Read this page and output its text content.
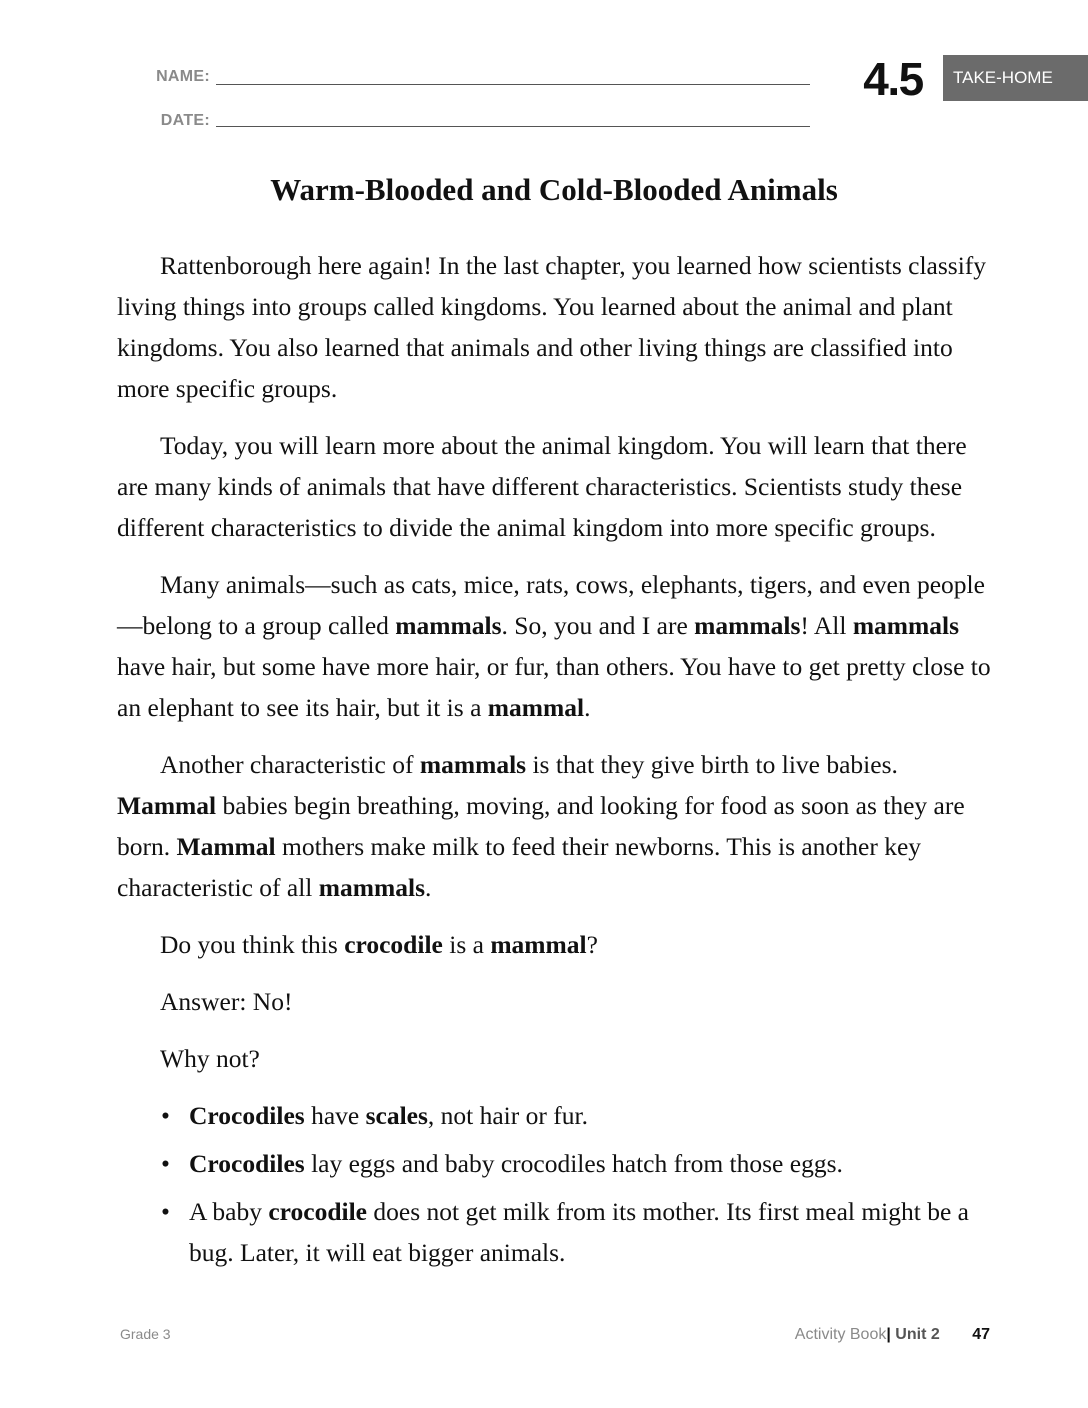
NAME:
DATE:
4.5	TAKE-HOME
Warm-Blooded and Cold-Blooded Animals

Rattenborough here again! In the last chapter, you learned how scientists classify living things into groups called kingdoms. You learned about the animal and plant kingdoms. You also learned that animals and other living things are classified into more specific groups.

Today, you will learn more about the animal kingdom. You will learn that there are many kinds of animals that have different characteristics. Scientists study these different characteristics to divide the animal kingdom into more specific groups.

Many animals—such as cats, mice, rats, cows, elephants, tigers, and even people—belong to a group called mammals. So, you and I are mammals! All mammals have hair, but some have more hair, or fur, than others. You have to get pretty close to an elephant to see its hair, but it is a mammal.

Another characteristic of mammals is that they give birth to live babies. Mammal babies begin breathing, moving, and looking for food as soon as they are born. Mammal mothers make milk to feed their newborns. This is another key characteristic of all mammals.

Do you think this crocodile is a mammal?

Answer: No!

Why not?

• Crocodiles have scales, not hair or fur.
• Crocodiles lay eggs and baby crocodiles hatch from those eggs.
• A baby crocodile does not get milk from its mother. Its first meal might be a bug. Later, it will eat bigger animals.
Grade 3	Activity Book| Unit 2 47
